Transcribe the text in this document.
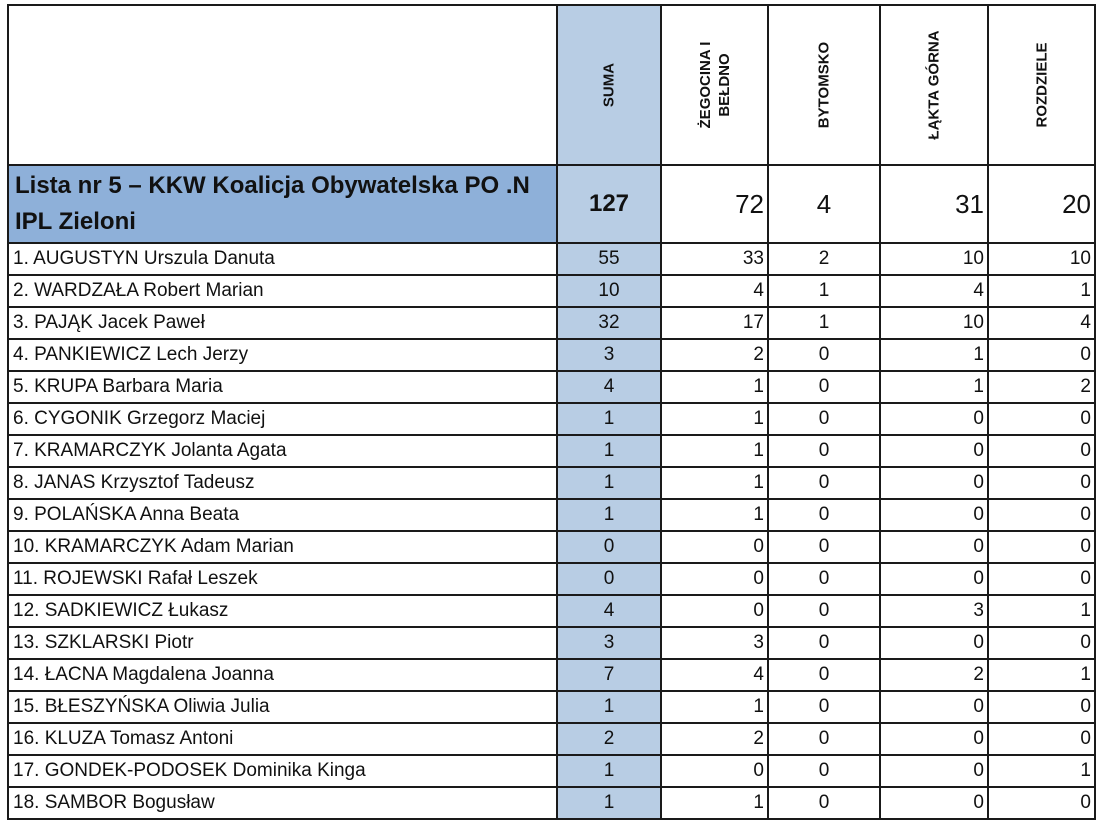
	SUMA	ŻEGOCINA I BEŁDNO	BYTOMSKO	ŁĄKTA GÓRNA	ROZDZIELE

Lista nr 5 – KKW Koalicja Obywatelska PO .N IPL Zieloni	127	72	4	31	20
1. AUGUSTYN Urszula Danuta	55	33	2	10	10
2. WARDZAŁA Robert Marian	10	4	1	4	1
3. PAJĄK Jacek Paweł	32	17	1	10	4
4. PANKIEWICZ Lech Jerzy	3	2	0	1	0
5. KRUPA Barbara Maria	4	1	0	1	2
6. CYGONIK Grzegorz Maciej	1	1	0	0	0
7. KRAMARCZYK Jolanta Agata	1	1	0	0	0
8. JANAS Krzysztof Tadeusz	1	1	0	0	0
9. POLAŃSKA Anna Beata	1	1	0	0	0
10. KRAMARCZYK Adam Marian	0	0	0	0	0
11. ROJEWSKI Rafał Leszek	0	0	0	0	0
12. SADKIEWICZ Łukasz	4	0	0	3	1
13. SZKLARSKI Piotr	3	3	0	0	0
14. ŁACNA Magdalena Joanna	7	4	0	2	1
15. BŁESZYŃSKA Oliwia Julia	1	1	0	0	0
16. KLUZA Tomasz Antoni	2	2	0	0	0
17. GONDEK-PODOSEK Dominika Kinga	1	0	0	0	1
18. SAMBOR Bogusław	1	1	0	0	0
